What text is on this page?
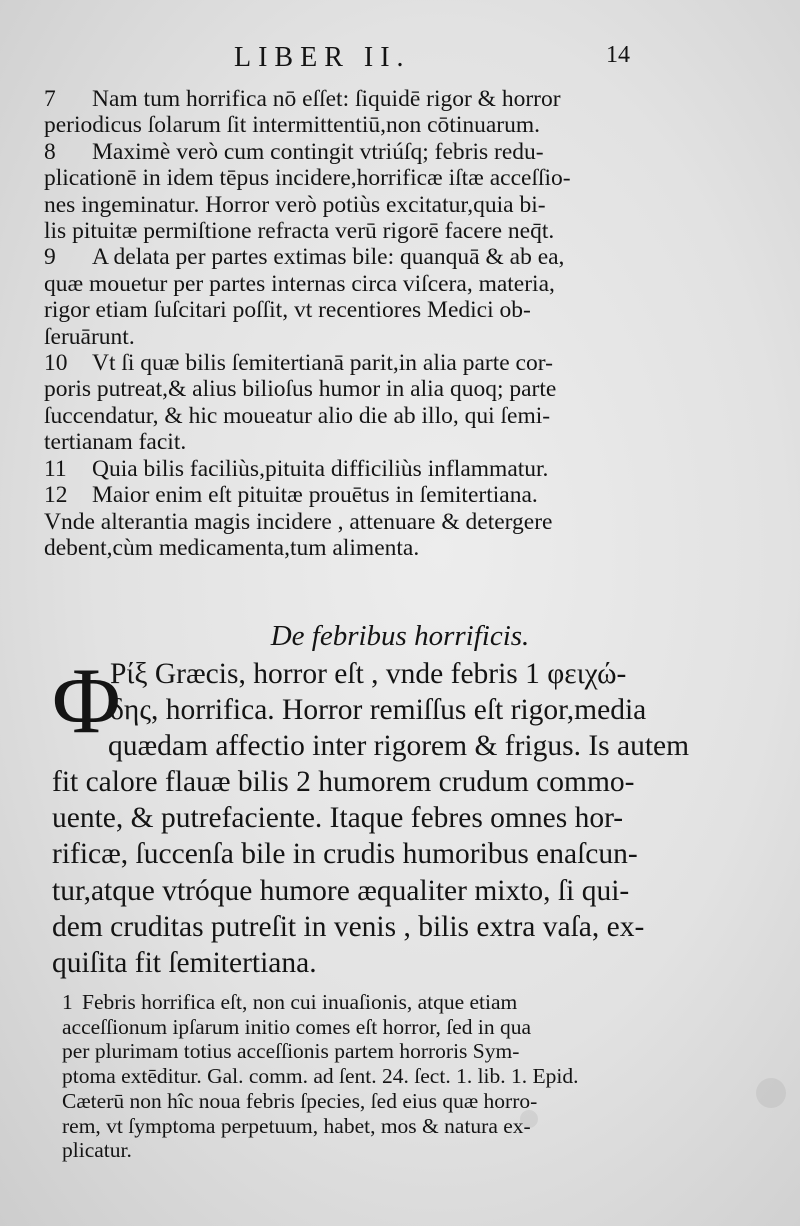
LIBER II.	14
7 Nam tum horrifica nō eſſet: ſiquidē rigor & horror
periodicus ſolarum ſit intermittentiū,non cōtinuarum.
8 Maximè verò cum contingit vtriúſq; febris redu-
plicationē in idem tēpus incidere,horrificæ iſtæ acceſſio-
nes ingeminatur. Horror verò potiùs excitatur,quia bi-
lis pituitæ permiſtione refracta verū rigorē facere neq̄t.
9 A delata per partes extimas bile: quanquā & ab ea,
quæ mouetur per partes internas circa viſcera, materia,
rigor etiam ſuſcitari poſſit, vt recentiores Medici ob-
ſeruārunt.
10 Vt ſi quæ bilis ſemitertianā parit,in alia parte cor-
poris putreat,& alius bilioſus humor in alia quoq; parte
ſuccendatur, & hic moueatur alio die ab illo, qui ſemi-
tertianam facit.
11 Quia bilis faciliùs,pituita difficiliùs inflammatur.
12 Maior enim eſt pituitæ prouētus in ſemitertiana.
Vnde alterantia magis incidere , attenuare & detergere
debent,cùm medicamenta,tum alimenta.
De febribus horrificis.
Φ
Ρίξ Græcis, horror eſt , vnde febris 1 φειχώ-
δης, horrifica. Horror remiſſus eſt rigor,media
quædam affectio inter rigorem & frigus. Is autem
fit calore flauæ bilis 2 humorem crudum commo-
uente, & putrefaciente. Itaque febres omnes hor-
rificæ, ſuccenſa bile in crudis humoribus enaſcun-
tur,atque vtróque humore æqualiter mixto, ſi qui-
dem cruditas putreſit in venis , bilis extra vaſa, ex-
quiſita fit ſemitertiana.
1 Febris horrifica eſt, non cui inuaſionis, atque etiam
acceſſionum ipſarum initio comes eſt horror, ſed in qua
per plurimam totius acceſſionis partem horroris Sym-
ptoma extēditur. Gal. comm. ad ſent. 24. ſect. 1. lib. 1. Epid.
Cæterū non hîc noua febris ſpecies, ſed eius quæ horro-
rem, vt ſymptoma perpetuum, habet, mos & natura ex-
plicatur.
